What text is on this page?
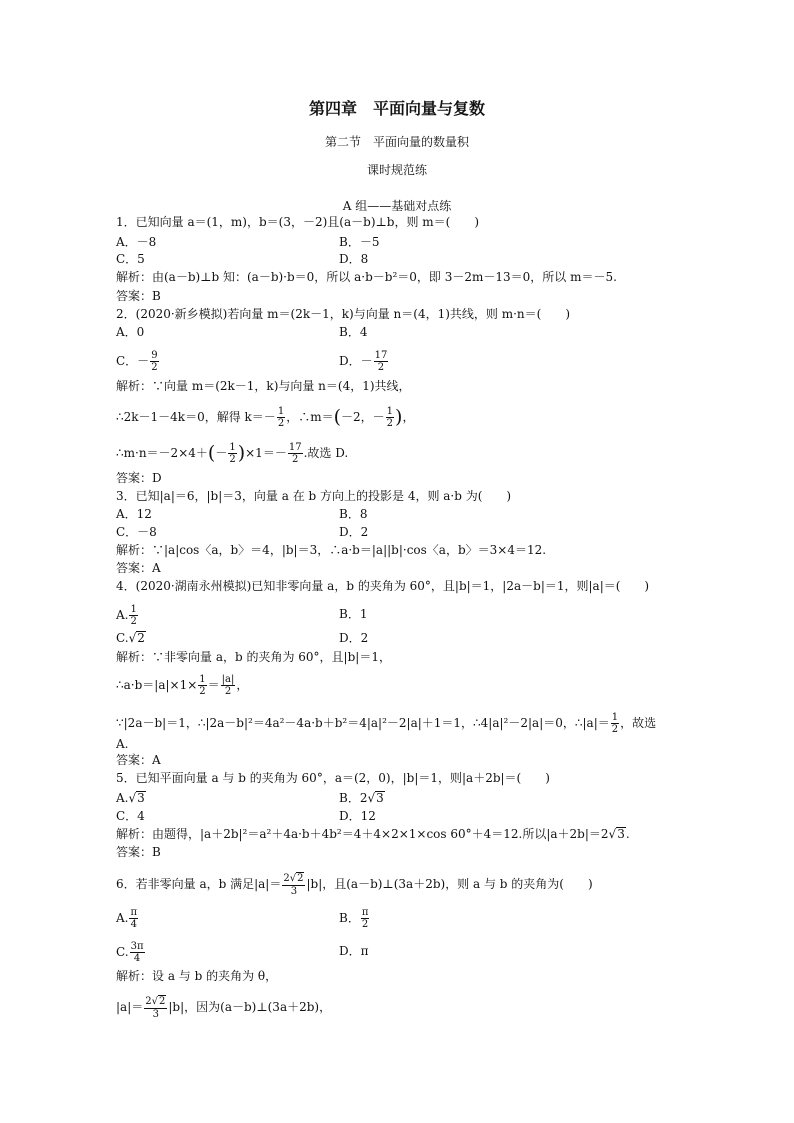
第四章　平面向量与复数
第二节　平面向量的数量积
课时规范练
A 组——基础对点练
1．已知向量 a＝(1，m)，b＝(3，－2)且(a－b)⊥b，则 m＝(　　)
A．－8	B．－5
C．5	D．8
解析：由(a－b)⊥b 知：(a－b)·b＝0，所以 a·b－b²＝0，即 3－2m－13＝0，所以 m＝－5.
答案：B
2．(2020·新乡模拟)若向量 m＝(2k－1，k)与向量 n＝(4，1)共线，则 m·n＝(　　)
A．0	B．4
C．－ $\frac{9}{2}$	D．－ $\frac{17}{2}$
解析：∵向量 m＝(2k－1，k)与向量 n＝(4，1)共线，
∴2k－1－4k＝0，解得 $k=- \frac{1}{2}$ ，∴m＝(－2，－ $\frac{1}{2}$ )，
∴m·n＝－2×4＋(－ $\frac{1}{2} )\times 1=- \frac{17}{2}$ .故选 D.
答案：D
3．已知|a|＝6，|b|＝3，向量 a 在 b 方向上的投影是 4，则 a·b 为(　　)
A．12	B．8
C．－8	D．2
解析：∵|a|cos〈a，b〉＝4，|b|＝3，∴a·b＝|a||b|·cos〈a，b〉＝3×4＝12.
答案：A
4．(2020·湖南永州模拟)已知非零向量 a，b 的夹角为 60°，且|b|＝1，|2a－b|＝1，则|a|＝(　　)
A. $\frac{1}{2}$	B．1
C.√2	D．2
解析：∵非零向量 a，b 的夹角为 60°，且|b|＝1，
∴a·b＝|a|×1× $\frac{1}{2} = \frac{|a|}{2}$ ，
∵|2a－b|＝1，∴|2a－b|²＝4a²－4a·b＋b²＝4|a|²－2|a|＋1＝1，∴4|a|²－2|a|＝0，∴|a|＝ $\frac{1}{2}$ ，故选
A.
答案：A
5．已知平面向量 a 与 b 的夹角为 60°，a＝(2，0)，|b|＝1，则|a＋2b|＝(　　)
A.√3	B．2√3
C．4	D．12
解析：由题得，|a＋2b|²＝a²＋4a·b＋4b²＝4＋4×2×1×cos 60°＋4＝12.所以|a＋2b|＝2√3.
答案：B
6．若非零向量 a，b 满足$|a|= \frac{2√2}{3} |b|$，且(a－b)⊥(3a＋2b)，则 a 与 b 的夹角为(　　)
A. $\frac{\pi}{4}$	B． $\frac{\pi}{2}$
C. $\frac{3\pi}{4}$	D．π
解析：设 a 与 b 的夹角为 θ，
$|a|= \frac{2√2}{3} |b|$，因为(a－b)⊥(3a＋2b)，
